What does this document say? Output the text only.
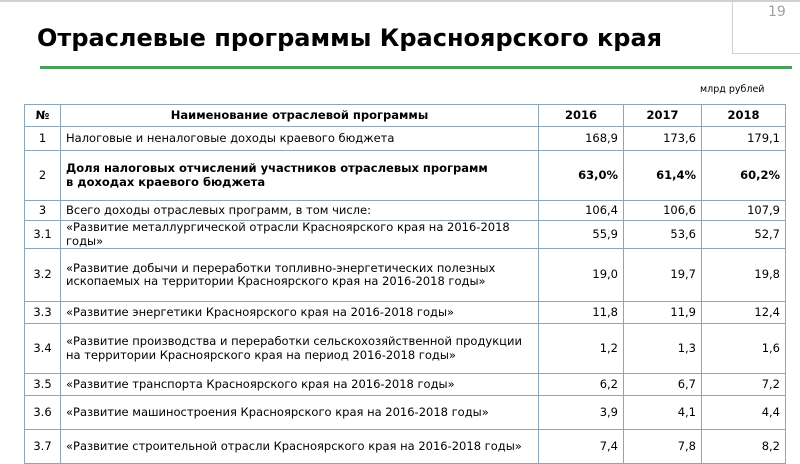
19
Отраслевые программы Красноярского края
млрд рублей
№	Наименование отраслевой программы	2016	2017	2018
1	Налоговые и неналоговые доходы краевого бюджета	168,9	173,6	179,1
2	Доля налоговых отчислений участников отраслевых программ
в доходах краевого бюджета	63,0%	61,4%	60,2%
3	Всего доходы отраслевых программ, в том числе:	106,4	106,6	107,9
3.1	«Развитие металлургической отрасли Красноярского края на 2016-2018 годы»	55,9	53,6	52,7
3.2	«Развитие добычи и переработки топливно-энергетических полезных ископаемых на территории Красноярского края на 2016-2018 годы»	19,0	19,7	19,8
3.3	«Развитие энергетики Красноярского края на 2016-2018 годы»	11,8	11,9	12,4
3.4	«Развитие производства и переработки сельскохозяйственной продукции на территории Красноярского края на период 2016-2018 годы»	1,2	1,3	1,6
3.5	«Развитие транспорта Красноярского края на 2016-2018 годы»	6,2	6,7	7,2
3.6	«Развитие машиностроения Красноярского края на 2016-2018 годы»	3,9	4,1	4,4
3.7	«Развитие строительной отрасли Красноярского края на 2016-2018 годы»	7,4	7,8	8,2
